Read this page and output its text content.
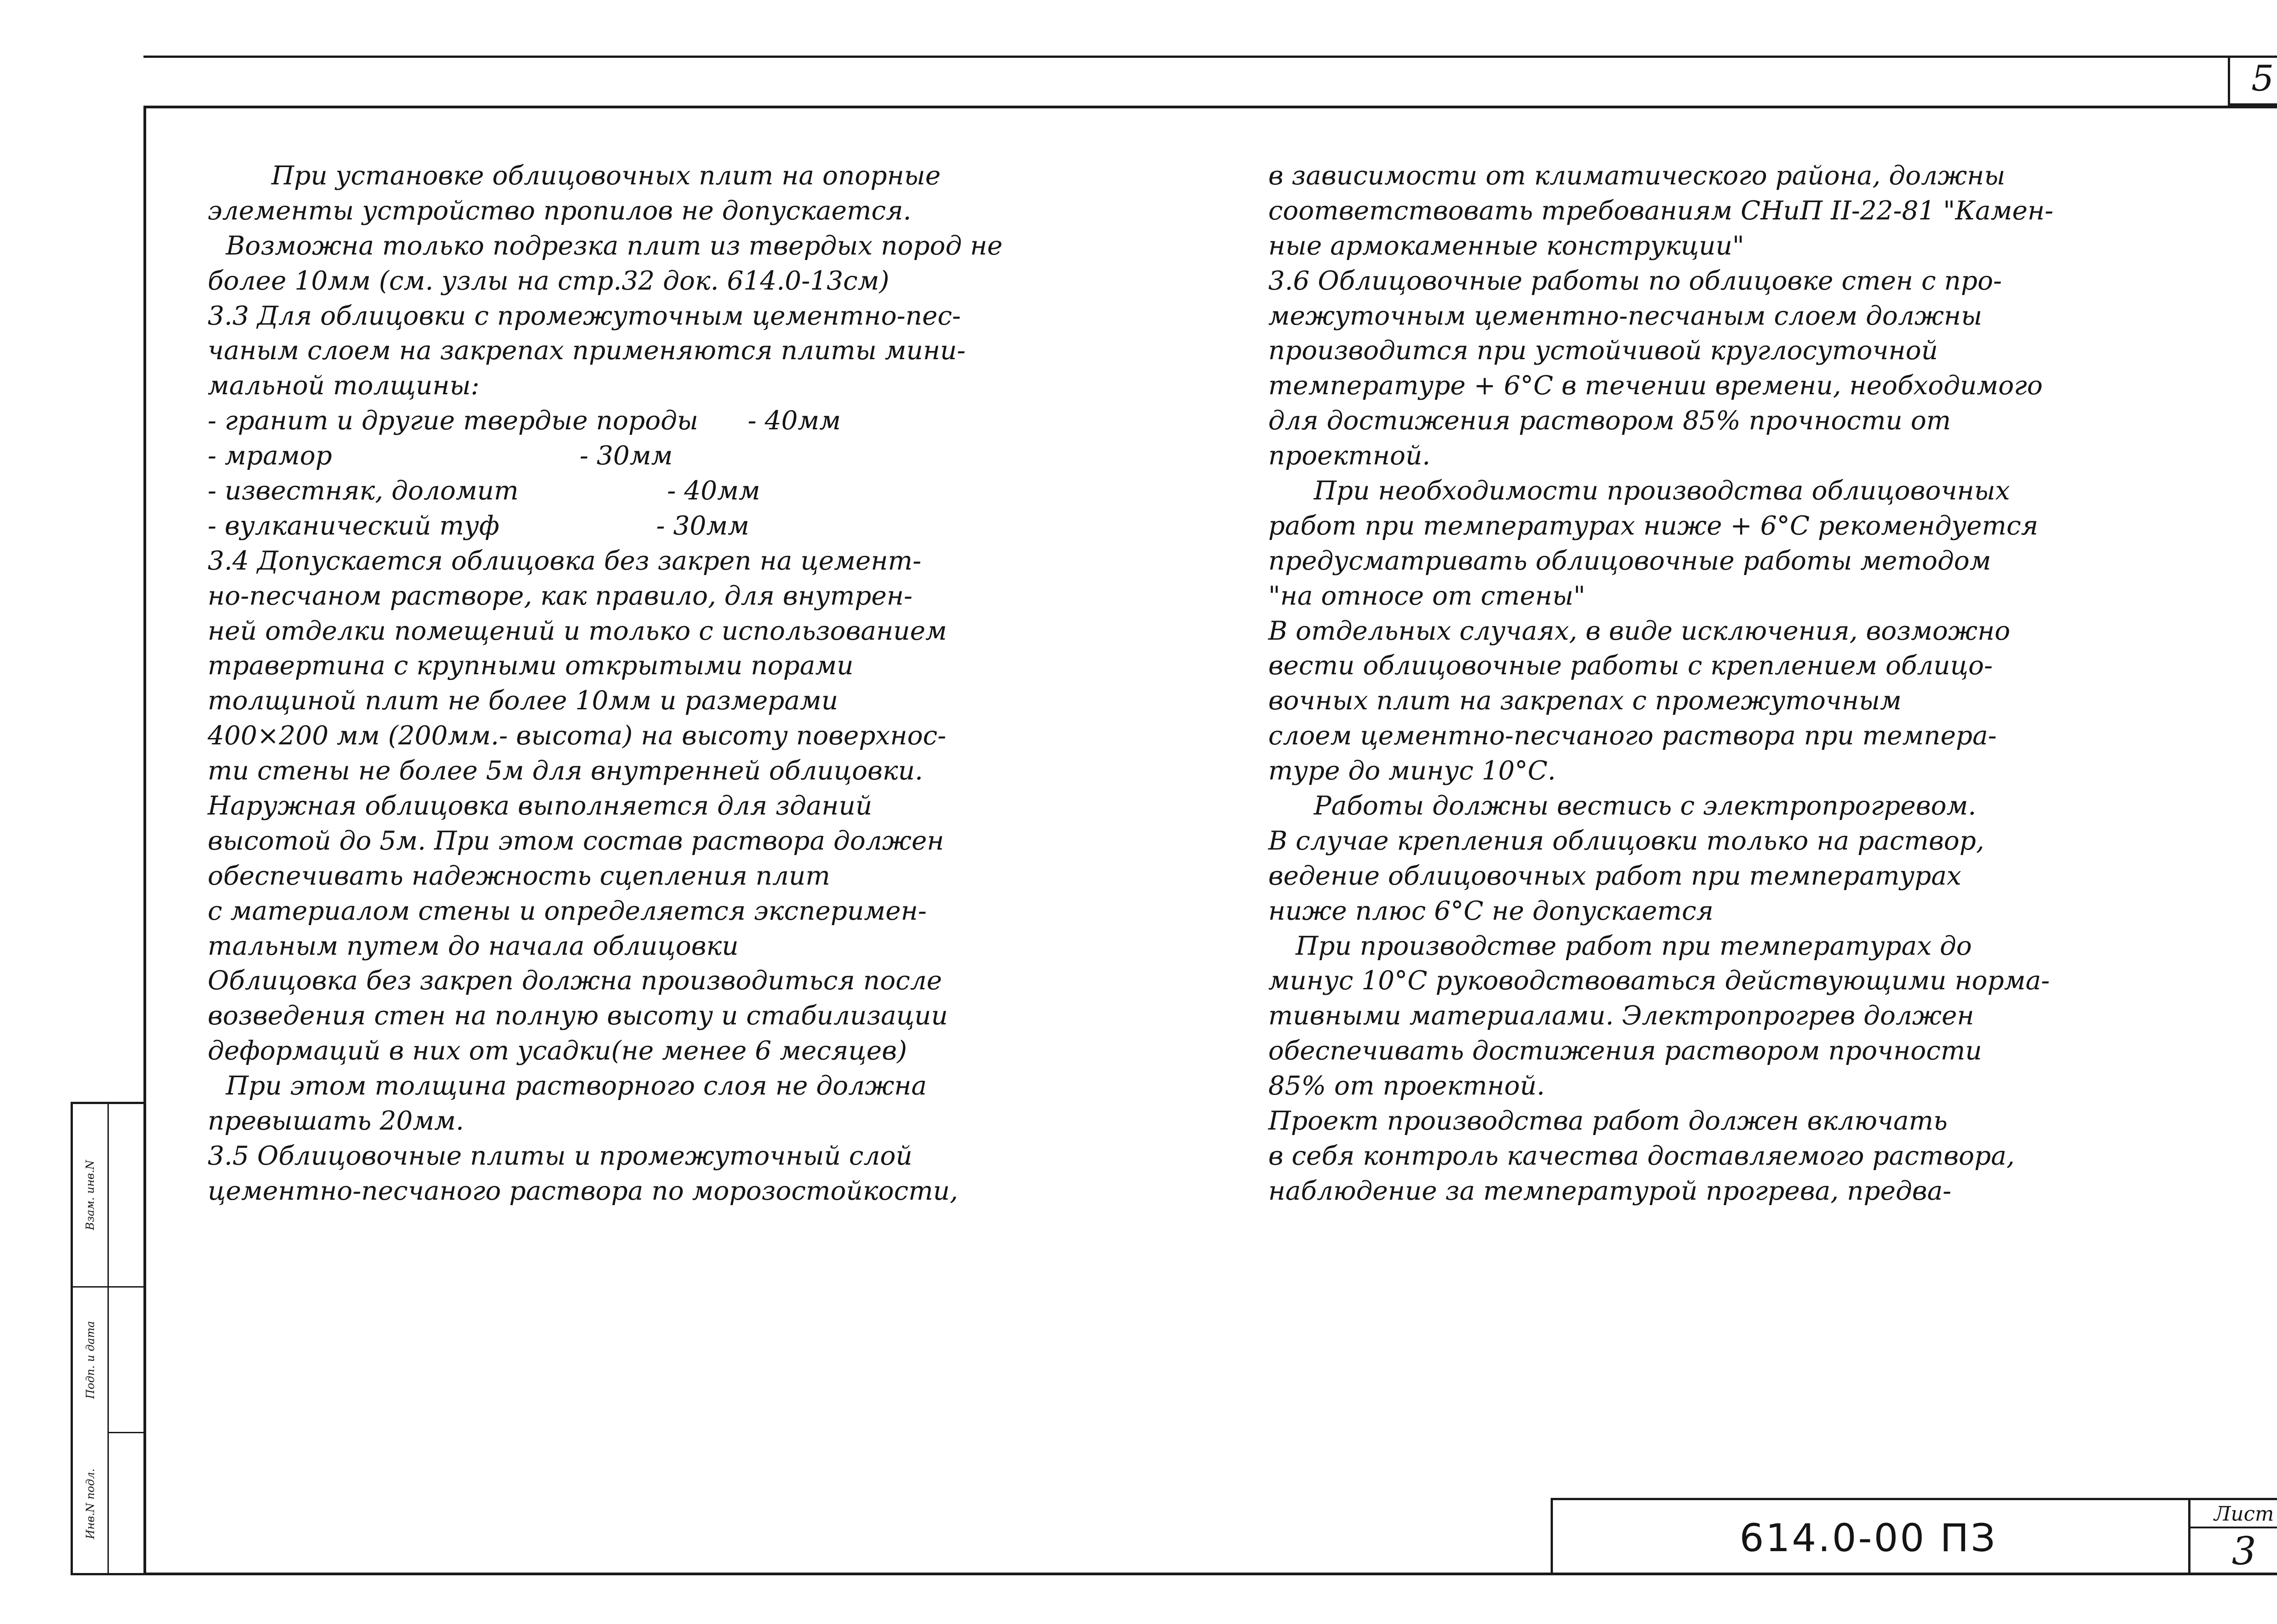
5
Инв.N подл.
Подп. и дата
Взам. инв.N
При установке облицовочных плит на опорные
элементы устройство пропилов не допускается.
Возможна только подрезка плит из твердых пород не
более 10мм (см. узлы на стр.32 док. 614.0-13см)
3.3 Для облицовки с промежуточным цементно-пес-
чаным слоем на закрепах применяются плиты мини-
мальной толщины:
- гранит и другие твердые породы      - 40мм
- мрамор                              - 30мм
- известняк, доломит                  - 40мм
- вулканический туф                   - 30мм
3.4 Допускается облицовка без закреп на цемент-
но-песчаном растворе, как правило, для внутрен-
ней отделки помещений и только с использованием
травертина с крупными открытыми порами
толщиной плит не более 10мм и размерами
400×200 мм (200мм.- высота) на высоту поверхнос-
ти стены не более 5м для внутренней облицовки.
Наружная облицовка выполняется для зданий
высотой до 5м. При этом состав раствора должен
обеспечивать надежность сцепления плит
с материалом стены и определяется эксперимен-
тальным путем до начала облицовки
Облицовка без закреп должна производиться после
возведения стен на полную высоту и стабилизации
деформаций в них от усадки(не менее 6 месяцев)
При этом толщина растворного слоя не должна
превышать 20мм.
3.5 Облицовочные плиты и промежуточный слой
цементно-песчаного раствора по морозостойкости,
в зависимости от климатического района, должны
соответствовать требованиям СНиП II-22-81 "Камен-
ные армокаменные конструкции"
3.6 Облицовочные работы по облицовке стен с про-
межуточным цементно-песчаным слоем должны
производится при устойчивой круглосуточной
температуре + 6°С в течении времени, необходимого
для достижения раствором 85% прочности от
проектной.
При необходимости производства облицовочных
работ при температурах ниже + 6°С рекомендуется
предусматривать облицовочные работы методом
"на относе от стены"
В отдельных случаях, в виде исключения, возможно
вести облицовочные работы с креплением облицо-
вочных плит на закрепах с промежуточным
слоем цементно-песчаного раствора при темпера-
туре до минус 10°С.
Работы должны вестись с электропрогревом.
В случае крепления облицовки только на раствор,
ведение облицовочных работ при температурах
ниже плюс 6°С не допускается
При производстве работ при температурах до
минус 10°С руководствоваться действующими норма-
тивными материалами. Электропрогрев должен
обеспечивать достижения раствором прочности
85% от проектной.
Проект производства работ должен включать
в себя контроль качества доставляемого раствора,
наблюдение за температурой прогрева, предва-
614.0-00 ПЗ
Лист
3
